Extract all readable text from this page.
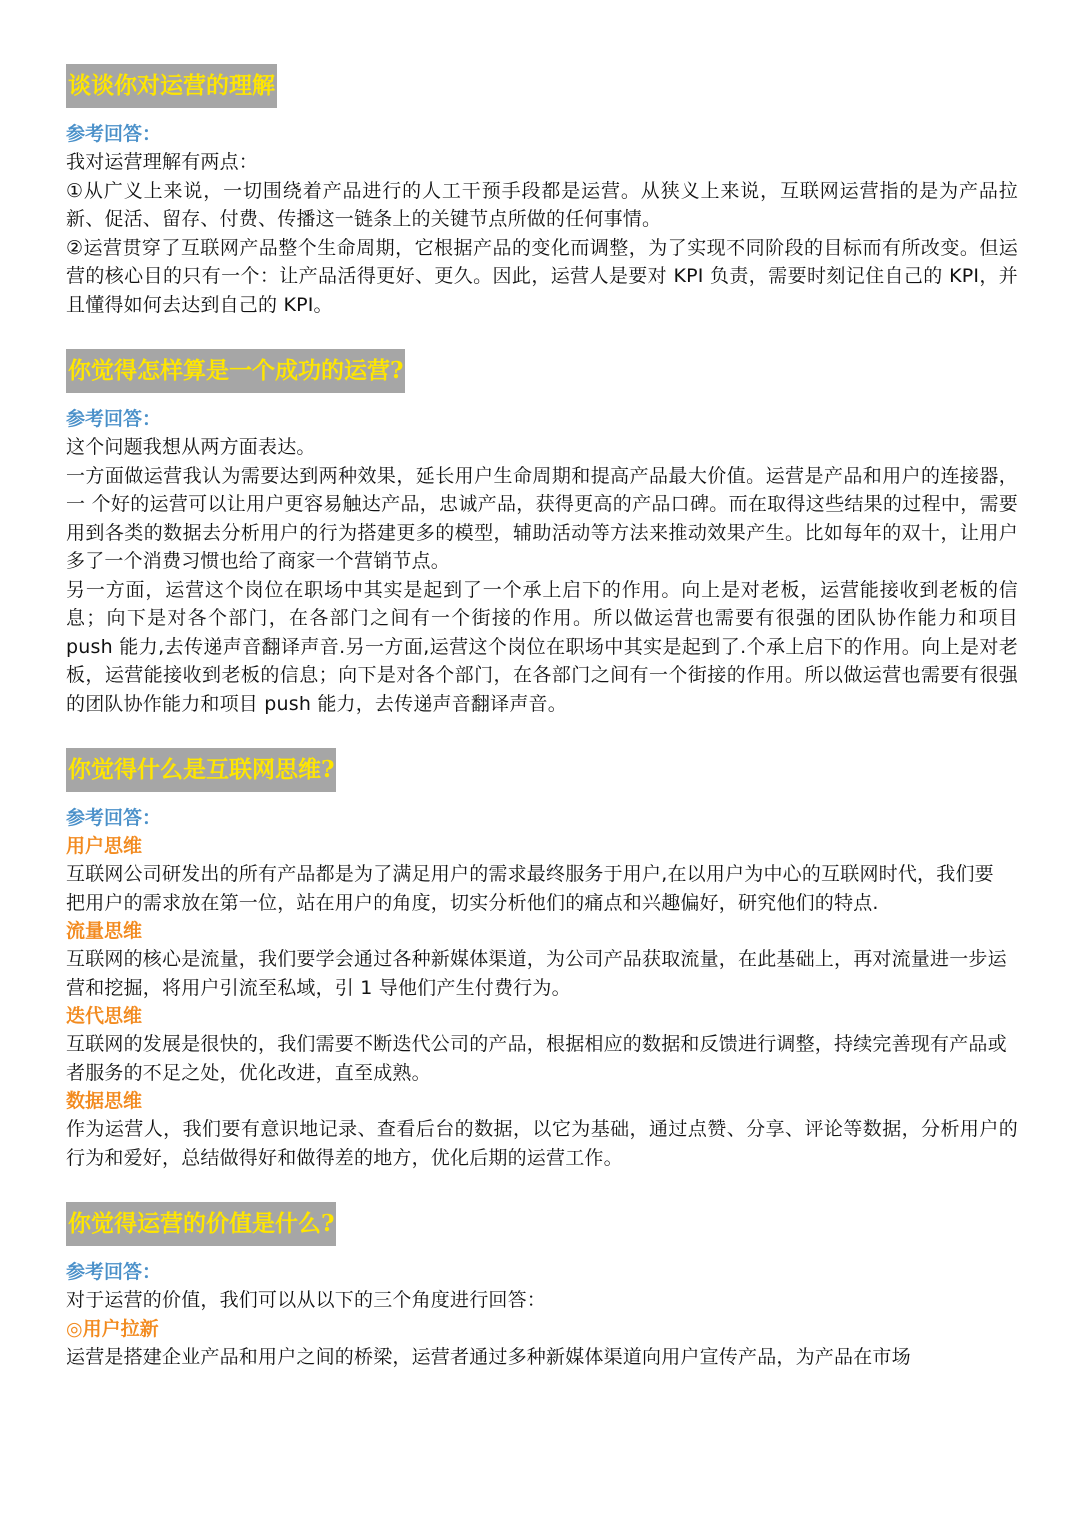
谈谈你对运营的理解
参考回答：

我对运营理解有两点：

①从广义上来说，一切围绕着产品进行的人工干预手段都是运营。从狭义上来说，互联网运营指的是为产品拉新、促活、留存、付费、传播这一链条上的关键节点所做的任何事情。

②运营贯穿了互联网产品整个生命周期，它根据产品的变化而调整，为了实现不同阶段的目标而有所改变。但运营的核心目的只有一个：让产品活得更好、更久。因此，运营人是要对 KPI 负责，需要时刻记住自己的 KPI，并且懂得如何去达到自己的 KPI。

你觉得怎样算是一个成功的运营?
参考回答：

这个问题我想从两方面表达。

一方面做运营我认为需要达到两种效果，延长用户生命周期和提高产品最大价值。运营是产品和用户的连接器，一 个好的运营可以让用户更容易触达产品，忠诚产品，获得更高的产品口碑。而在取得这些结果的过程中，需要用到各类的数据去分析用户的行为搭建更多的模型，辅助活动等方法来推动效果产生。比如每年的双十，让用户多了一个消费习惯也给了商家一个营销节点。

另一方面，运营这个岗位在职场中其实是起到了一个承上启下的作用。向上是对老板，运营能接收到老板的信息；向下是对各个部门，在各部门之间有一个街接的作用。所以做运营也需要有很强的团队协作能力和项目 push 能力,去传递声音翻译声音.另一方面,运营这个岗位在职场中其实是起到了.个承上启下的作用。向上是对老板，运营能接收到老板的信息；向下是对各个部门，在各部门之间有一个街接的作用。所以做运营也需要有很强的团队协作能力和项目 push 能力，去传递声音翻译声音。

你觉得什么是互联网思维?
参考回答：
用户思维

互联网公司研发出的所有产品都是为了满足用户的需求最终服务于用户,在以用户为中心的互联网时代，我们要

把用户的需求放在第一位，站在用户的角度，切实分析他们的痛点和兴趣偏好，研究他们的特点.

流量思维

互联网的核心是流量，我们要学会通过各种新媒体渠道，为公司产品获取流量，在此基础上，再对流量进一步运

营和挖掘，将用户引流至私域，引 1 导他们产生付费行为。

迭代思维

互联网的发展是很快的，我们需要不断迭代公司的产品，根据相应的数据和反馈进行调整，持续完善现有产品或

者服务的不足之处，优化改进，直至成熟。

数据思维

作为运营人，我们要有意识地记录、查看后台的数据，以它为基础，通过点赞、分享、评论等数据，分析用户的行为和爱好，总结做得好和做得差的地方，优化后期的运营工作。

你觉得运营的价值是什么?
参考回答：

对于运营的价值，我们可以从以下的三个角度进行回答：

◎用户拉新

运营是搭建企业产品和用户之间的桥梁，运营者通过多种新媒体渠道向用户宣传产品，为产品在市场
